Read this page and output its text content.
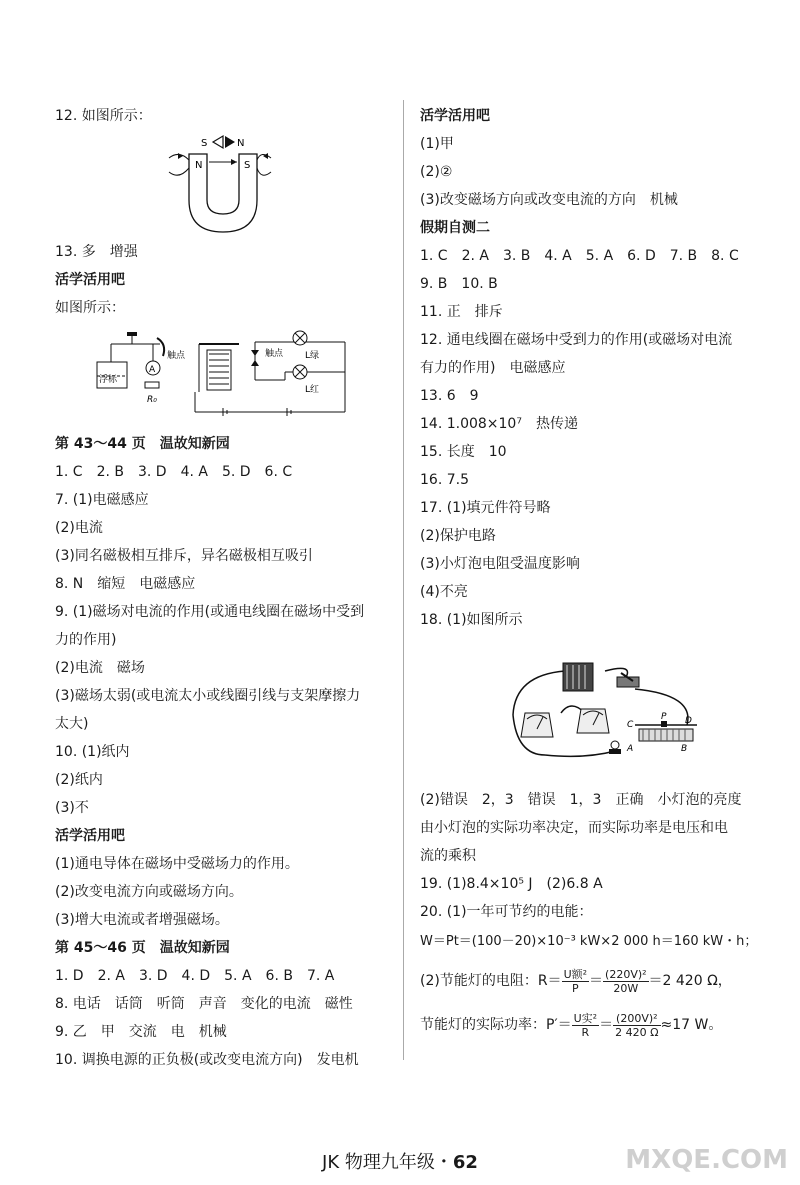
12. 如图所示：
S	N
N	S
13. 多　增强
活学活用吧
如图所示：
浮标
A
R₀
触点	触点 L绿
L红
第 43～44 页　温故知新园
1. C　2. B　3. D　4. A　5. D　6. C
7. (1)电磁感应
(2)电流
(3)同名磁极相互排斥，异名磁极相互吸引
8. N　缩短　电磁感应
9. (1)磁场对电流的作用(或通电线圈在磁场中受到
力的作用)
(2)电流　磁场
(3)磁场太弱(或电流太小或线圈引线与支架摩擦力
太大)
10. (1)纸内
(2)纸内
(3)不
活学活用吧
(1)通电导体在磁场中受磁场力的作用。
(2)改变电流方向或磁场方向。
(3)增大电流或者增强磁场。
第 45～46 页　温故知新园
1. D　2. A　3. D　4. D　5. A　6. B　7. A
8. 电话　话筒　听筒　声音　变化的电流　磁性
9. 乙　甲　交流　电　机械
10. 调换电源的正负极(或改变电流方向)　发电机
活学活用吧
(1)甲
(2)②
(3)改变磁场方向或改变电流的方向　机械
假期自测二
1. C　2. A　3. B　4. A　5. A　6. D　7. B　8. C
9. B　10. B
11. 正　排斥
12. 通电线圈在磁场中受到力的作用(或磁场对电流
有力的作用)　电磁感应
13. 6　9
14. 1.008×10⁷　热传递
15. 长度　10
16. 7.5
17. (1)填元件符号略
(2)保护电路
(3)小灯泡电阻受温度影响
(4)不亮
18. (1)如图所示
C	D
P
A	B
(2)错误　2，3　错误　1，3　正确　小灯泡的亮度
由小灯泡的实际功率决定，而实际功率是电压和电
流的乘积
19. (1)8.4×10⁵ J　(2)6.8 A
20. (1)一年可节约的电能：
W＝Pt＝(100－20)×10⁻³ kW×2 000 h＝160 kW・h；
(2)节能灯的电阻：$R= \frac{\text{U额²}}{P} = \frac{\text{(220V)²}}{20W} =2$ 420 Ω，
节能灯的实际功率：$P'= \frac{\text{U实²}}{R} = \frac{\text{(200V)²}}{2 420 \Omega} \approx 17$ W。
JK 物理九年级・62	MXQE.COM
